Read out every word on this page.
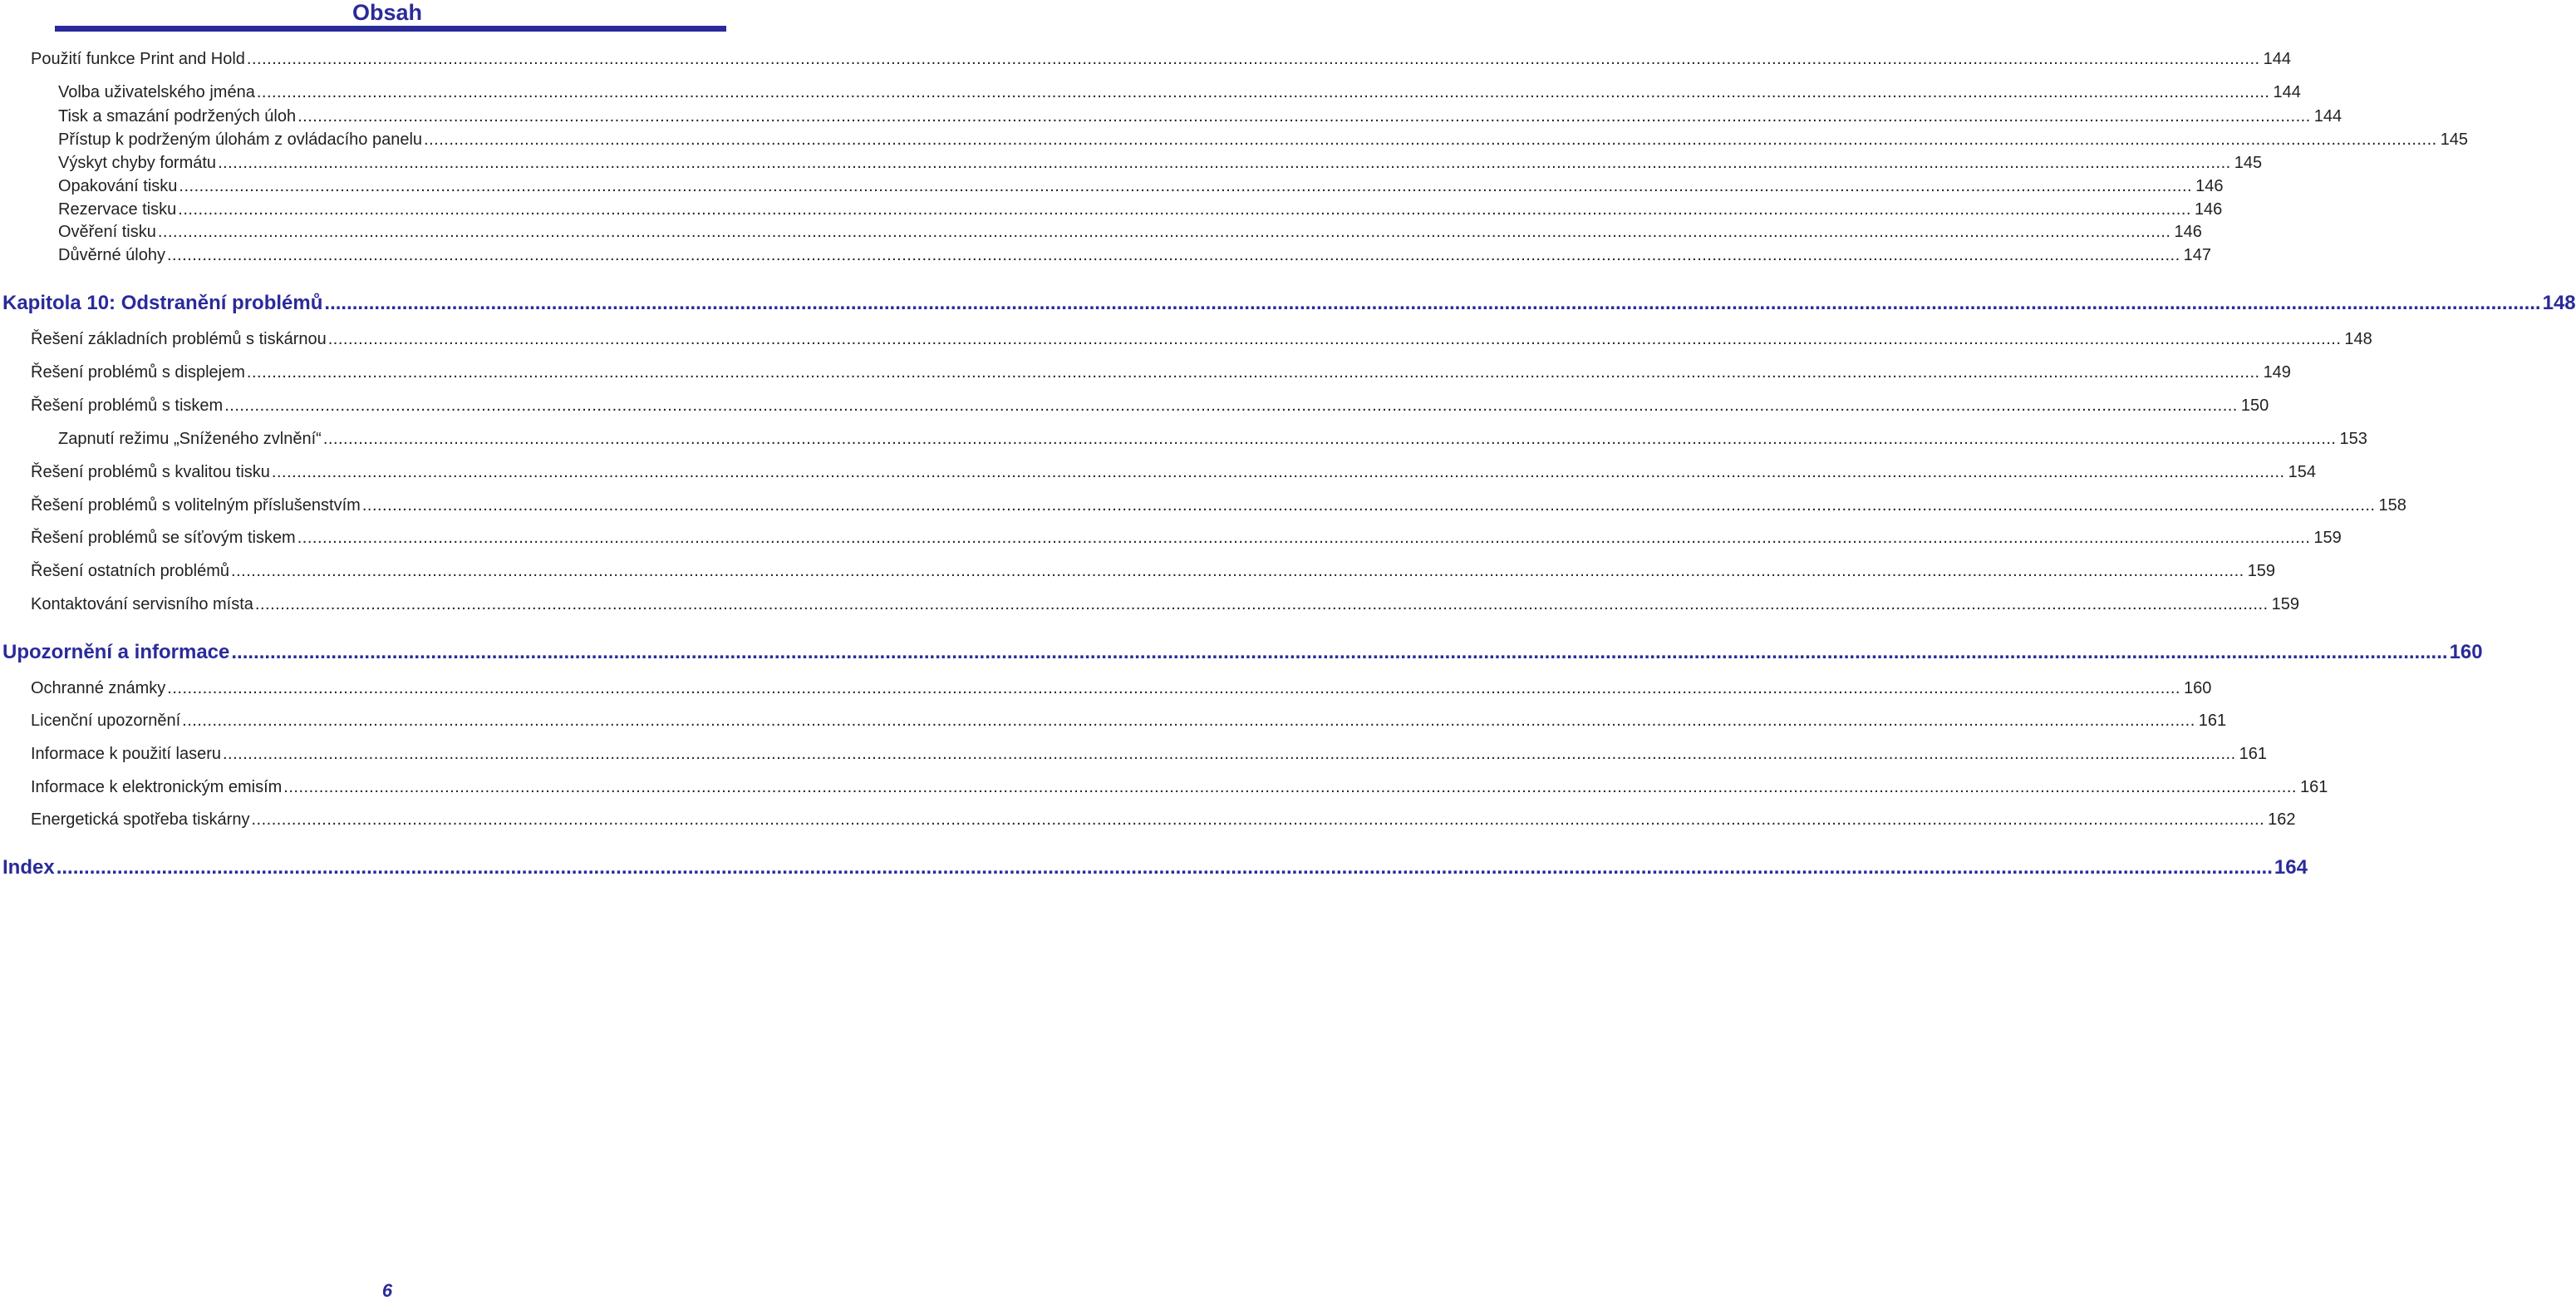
Obsah
Použití funkce Print and Hold ................................................................................................................................................................................................................................................................................................................................................................................................................ 144
Volba uživatelského jména ................................................................................................................................................................................................................................................................................................................................................................................................................ 144
Tisk a smazání podržených úloh ................................................................................................................................................................................................................................................................................................................................................................................................................ 144
Přístup k podrženým úlohám z ovládacího panelu ................................................................................................................................................................................................................................................................................................................................................................................................................ 145
Výskyt chyby formátu ................................................................................................................................................................................................................................................................................................................................................................................................................ 145
Opakování tisku ................................................................................................................................................................................................................................................................................................................................................................................................................ 146
Rezervace tisku ................................................................................................................................................................................................................................................................................................................................................................................................................ 146
Ověření tisku ................................................................................................................................................................................................................................................................................................................................................................................................................ 146
Důvěrné úlohy ................................................................................................................................................................................................................................................................................................................................................................................................................ 147
Kapitola 10: Odstranění problémů ................................................................................................................................................................................................................................................................................................................................................................................................................ 148
Řešení základních problémů s tiskárnou ................................................................................................................................................................................................................................................................................................................................................................................................................ 148
Řešení problémů s displejem ................................................................................................................................................................................................................................................................................................................................................................................................................ 149
Řešení problémů s tiskem ................................................................................................................................................................................................................................................................................................................................................................................................................ 150
Zapnutí režimu „Sníženého zvlnění“ ................................................................................................................................................................................................................................................................................................................................................................................................................ 153
Řešení problémů s kvalitou tisku ................................................................................................................................................................................................................................................................................................................................................................................................................ 154
Řešení problémů s volitelným příslušenstvím ................................................................................................................................................................................................................................................................................................................................................................................................................ 158
Řešení problémů se síťovým tiskem ................................................................................................................................................................................................................................................................................................................................................................................................................ 159
Řešení ostatních problémů ................................................................................................................................................................................................................................................................................................................................................................................................................ 159
Kontaktování servisního místa ................................................................................................................................................................................................................................................................................................................................................................................................................ 159
Upozornění a informace ................................................................................................................................................................................................................................................................................................................................................................................................................ 160
Ochranné známky ................................................................................................................................................................................................................................................................................................................................................................................................................ 160
Licenční upozornění ................................................................................................................................................................................................................................................................................................................................................................................................................ 161
Informace k použití laseru ................................................................................................................................................................................................................................................................................................................................................................................................................ 161
Informace k elektronickým emisím ................................................................................................................................................................................................................................................................................................................................................................................................................ 161
Energetická spotřeba tiskárny ................................................................................................................................................................................................................................................................................................................................................................................................................ 162
Index ................................................................................................................................................................................................................................................................................................................................................................................................................ 164
6
